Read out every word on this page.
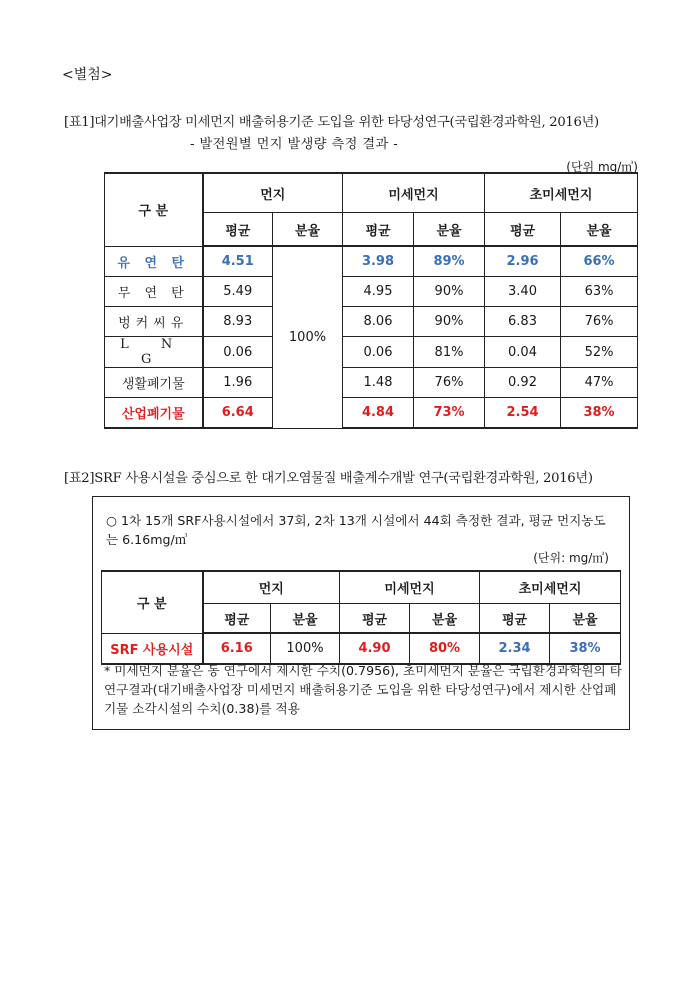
<별첨>
[표1]대기배출사업장 미세먼지 배출허용기준 도입을 위한 타당성연구(국립환경과학원, 2016년)
- 발전원별 먼지 발생량 측정 결과 -
(단위 mg/㎥)
구 분	먼지		미세먼지		초미세먼지	
	평균	분율	평균	분율	평균	분율
유 연 탄	4.51	100%	3.98	89%	2.96	66%
무 연 탄	5.49		4.95	90%	3.40	63%
벙커씨유	8.93		8.06	90%	6.83	76%
L N G	0.06		0.06	81%	0.04	52%
생활폐기물	1.96		1.48	76%	0.92	47%
산업폐기물	6.64		4.84	73%	2.54	38%
[표2]SRF 사용시설을 중심으로 한 대기오염물질 배출계수개발 연구(국립환경과학원, 2016년)
○ 1차 15개 SRF사용시설에서 37회, 2차 13개 시설에서 44회 측정한 결과, 평균 먼지농도는 6.16mg/㎥
(단위: mg/㎥)
구 분	먼지		미세먼지		초미세먼지	
	평균	분율	평균	분율	평균	분율
SRF 사용시설	6.16	100%	4.90	80%	2.34	38%
* 미세먼지 분율은 동 연구에서 제시한 수치(0.7956), 초미세먼지 분율은 국립환경과학원의 타 연구결과(대기배출사업장 미세먼지 배출허용기준 도입을 위한 타당성연구)에서 제시한 산업폐기물 소각시설의 수치(0.38)를 적용
